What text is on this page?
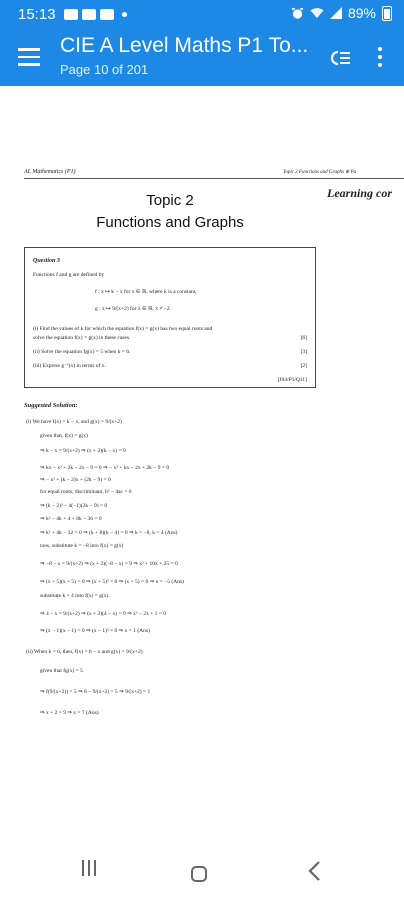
15:13	89%
CIE A Level Maths P1 To...
Page 10 of 201
AL Mathematics (P1)	Topic 2 Functions and Graphs ⊕ Pa
Learning cor
Topic 2
Functions and Graphs
Question 3
Functions f and g are defined by
f : x ↦ k − x for x ∈ ℝ, where k is a constant,
g : x ↦ 9/(x+2) for x ∈ ℝ, x ≠ −2.
(i) Find the values of k for which the equation f(x) = g(x) has two equal roots and
solve the equation f(x) = g(x) in these cases.	[6]
(ii) Solve the equation fg(x) = 5 when k = 6.	[3]
(iii) Express g⁻¹(x) in terms of x.	[2]
[J04/P1/Q11]
Suggested Solution:
(i) We have f(x) = k − x, and g(x) = 9/(x+2)
given that, f(x) = g(x)
⇒ k − x = 9/(x+2) ⇒ (x + 2)(k − x) = 9
⇒ kx − x² + 2k − 2x − 9 = 0 ⇒ − x² + kx − 2x + 2k − 9 = 0
⇒ − x² + (k − 2)x + (2k − 9) = 0
for equal roots, discriminant, b² − 4ac = 0
⇒ (k − 2)² − 4(−1)(2k − 9) = 0
⇒ k² − 4k + 4 + 8k − 36 = 0
⇒ k² + 4k − 32 = 0 ⇒ (k + 8)(k − 4) = 0 ⇒ k = −8, k = 4 (Ans)
now, substitute k = −8 into f(x) = g(x)
⇒ −8 − x = 9/(x+2) ⇒ (x + 2)(−8 − x) = 9 ⇒ x² + 10x + 25 = 0
⇒ (x + 5)(x + 5) = 0 ⇒ (x + 5)² = 0 ⇒ (x + 5) = 0 ⇒ x = −5 (Ans)
substitute k = 4 into f(x) = g(x).
⇒ 4 − x = 9/(x+2) ⇒ (x + 2)(4 − x) = 9 ⇒ x² − 2x + 1 = 0
⇒ (x − 1)(x − 1) = 0 ⇒ (x − 1)² = 0 ⇒ x = 1 (Ans)
(ii) When k = 6, then, f(x) = 6 − x and g(x) = 9/(x+2)
given that fg(x) = 5
⇒ f(9/(x+2)) = 5 ⇒ 6 − 9/(x+2) = 5 ⇒ 9/(x+2) = 1
⇒ x + 2 = 9 ⇒ x = 7 (Ans)
